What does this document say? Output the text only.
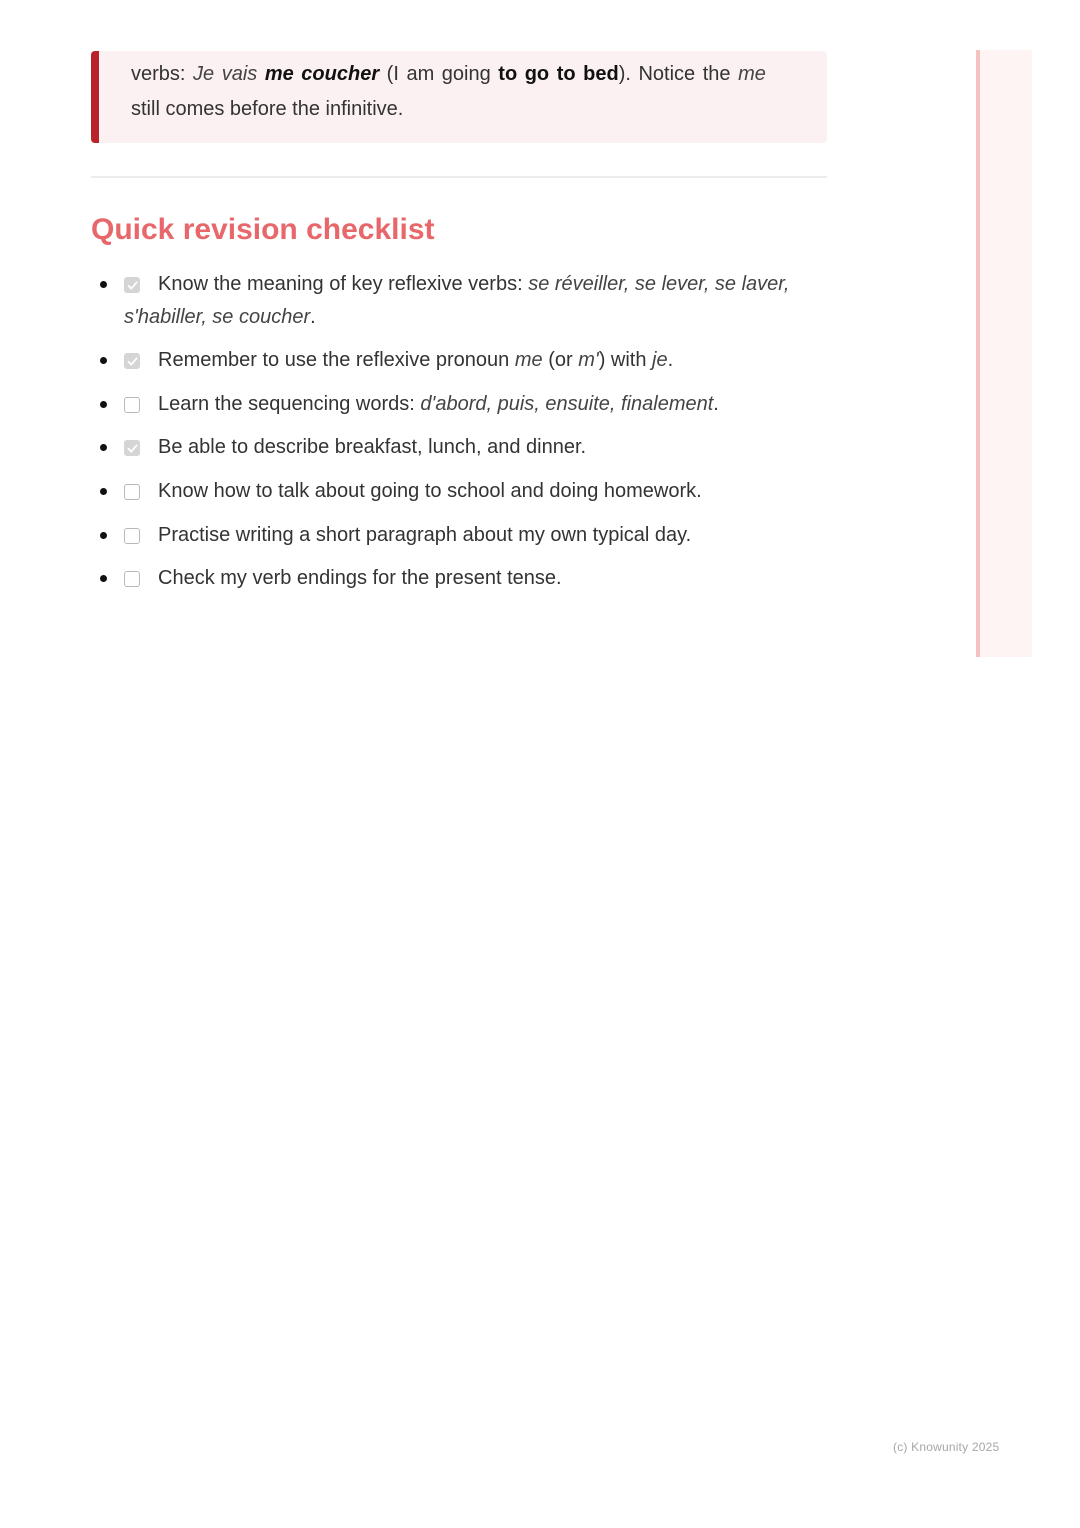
verbs: Je vais me coucher (I am going to go to bed). Notice the me
still comes before the infinitive.

Quick revision checklist
Know the meaning of key reflexive verbs: se réveiller, se lever, se laver, s'habiller, se coucher.
Remember to use the reflexive pronoun me (or m') with je.
Learn the sequencing words: d'abord, puis, ensuite, finalement.
Be able to describe breakfast, lunch, and dinner.
Know how to talk about going to school and doing homework.
Practise writing a short paragraph about my own typical day.
Check my verb endings for the present tense.
(c) Knowunity 2025
